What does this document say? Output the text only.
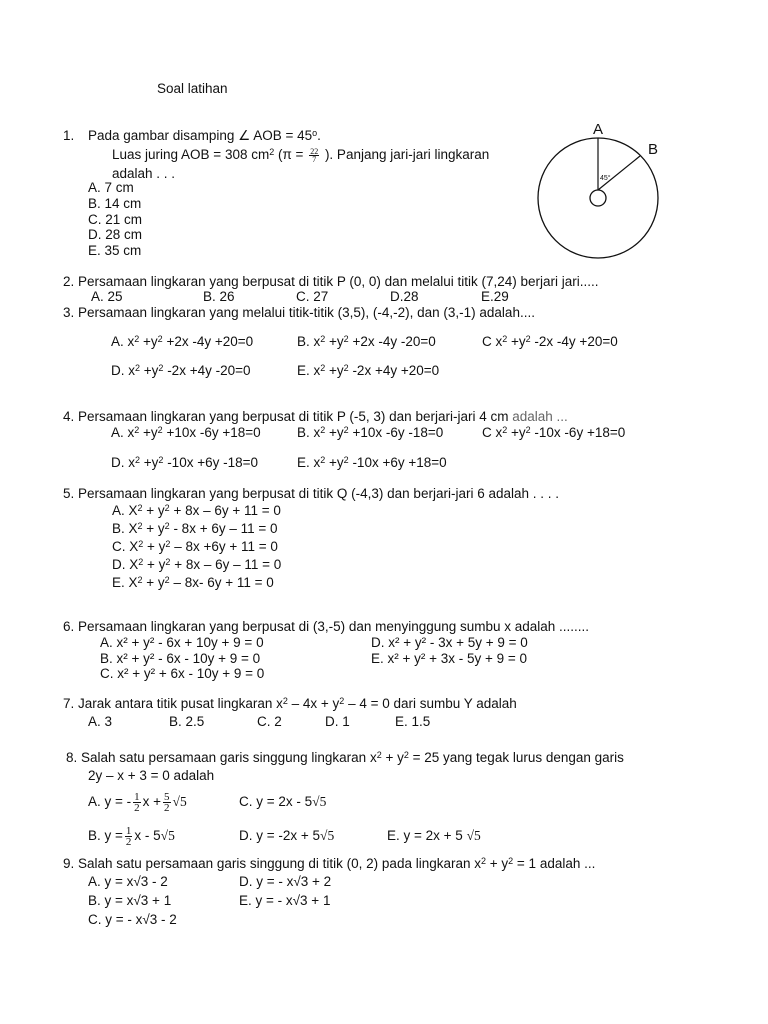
Soal latihan
1. Pada gambar disamping ∠ AOB = $45^o$.
Luas juring AOB = 308 $cm^2$ ($\pi = \frac{22}{7}$ ). Panjang jari-jari lingkaran
adalah . . .
A. 7 cm
B. 14 cm
C. 21 cm
D. 28 cm
E. 35 cm
A
B
45°
2. Persamaan lingkaran yang berpusat di titik P (0, 0) dan melalui titik (7,24) berjari jari.....
A. 25	B. 26	C. 27	D.28	E.29
3. Persamaan lingkaran yang melalui titik-titik (3,5), (-4,-2), dan (3,-1) adalah....
A. $x^2 +y^2 +2x$ -4y +20=0	B. $x^2 +y^2 +2x$ -4y -20=0	C $x^2 +y^2$ -2x -4y +20=0
D. $x^2 +y^2$ -2x +4y -20=0	E. $x^2 +y^2$ -2x +4y +20=0
4. Persamaan lingkaran yang berpusat di titik P (-5, 3) dan berjari-jari 4 cm adalah ...
A. $x^2 +y^2 +10x$ -6y +18=0	B. $x^2 +y^2 +10x$ -6y -18=0	C $x^2 +y^2$ -10x -6y +18=0
D. $x^2 +y^2$ -10x +6y -18=0	E. $x^2 +y^2$ -10x +6y +18=0
5. Persamaan lingkaran yang berpusat di titik Q (-4,3) dan berjari-jari 6 adalah . . . .
A. $X^2 + y^2 + 8x - 6y + 11 = 0$
B. $X^2 + y^2 - 8x + 6y - 11 = 0$
C. $X^2 + y^2 - 8x +6y + 11 = 0$
D. $X^2 + y^2 + 8x - 6y - 11 = 0$
E. $X^2 + y^2 - 8x-$ 6y + 11 = 0
6. Persamaan lingkaran yang berpusat di (3,-5) dan menyinggung sumbu x adalah ........
A. x² + y² - 6x + 10y + 9 = 0
B. x² + y² - 6x - 10y + 9 = 0
C. x² + y² + 6x - 10y + 9 = 0
D. x² + y² - 3x + 5y + 9 = 0
E. x² + y² + 3x - 5y + 9 = 0
7. Jarak antara titik pusat lingkaran $x^2 - 4x + y^2 - 4 = 0$ dari sumbu Y adalah
A. 3	B. 2.5	C. 2	D. 1	E. 1.5
8. Salah satu persamaan garis singgung lingkaran $x^2 + y^2 = 25$ yang tegak lurus dengan garis
2y – x + 3 = 0 adalah
A. y = - $\frac{1}{2}$ $x + \frac{5}{2} √5$	C. y = 2x - 5√5
B. $y = \frac{1}{2}$ x - 5√5	D. y = -2x + 5√5	E. y = 2x + 5 √5
9. Salah satu persamaan garis singgung di titik (0, 2) pada lingkaran $x^2 + y^2 = 1$ adalah ...
A. y = x√3 - 2
B. y = x√3 + 1
C. y = - x√3 - 2
D. y = - x√3 + 2
E. y = - x√3 + 1
